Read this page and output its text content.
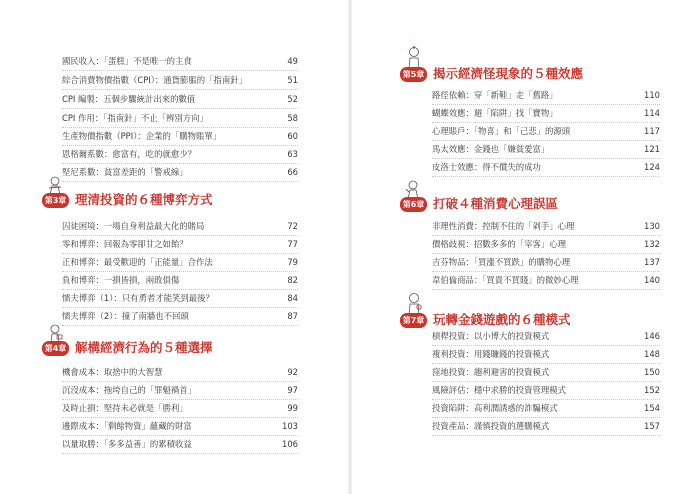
國民收入：「蛋糕」不是唯一的主食	49
綜合消費物價指數（CPI）：通貨膨脹的「指南針」	51
CPI 編製：五個步驟統計出來的數值	52
CPI 作用：「指南針」不止「辨別方向」	58
生產物價指數（PPI）：企業的「購物賬單」	60
恩格爾系數：愈富有，吃的就愈少？	63
堅尼系數：貧富差距的「警戒線」	66
第3章 理清投資的６種博弈方式
囚徒困境：一場自身利益最大化的賭局	72
零和博弈：回報為零卻甘之如飴？	77
正和博弈：最受歡迎的「正能量」合作法	79
負和博弈：一損皆損，兩敗俱傷	82
懦夫博弈（1）：只有勇者才能笑到最後？	84
懦夫博弈（2）：撞了南牆也不回頭	87
第4章 解構經濟行為的５種選擇
機會成本：取捨中的大智慧	92
沉沒成本：拖垮自己的「罪魁禍首」	97
及時止損：堅持未必就是「勝利」	99
邊際成本：「剩餘物資」蘊藏的財富	103
以量取勝：「多多益善」的累積收益	106
第5章 揭示經濟怪現象的５種效應
路徑依賴：穿「新鞋」走「舊路」	110
蝴蝶效應：避「陷阱」找「寶物」	114
心理賬戶：「物喜」和「己悲」的源頭	117
馬太效應：金錢也「嫌貧愛富」	121
皮洛士效應：得不償失的成功	124
第6章 打破４種消費心理誤區
非理性消費：控制不住的「剁手」心理	130
價格歧視：招數多多的「宰客」心理	132
吉芬物品：「買漲不買跌」的購物心理	137
韋伯倫商品：「買貴不買賤」的微妙心理	140
第7章 玩轉金錢遊戲的６種模式
槓桿投資：以小博大的投資模式	146
複利投資：用錢賺錢的投資模式	148
窪地投資：趨利避害的投資模式	150
風險評估：穩中求勝的投資管理模式	152
投資陷阱：高利潤誘惑的詐騙模式	154
投資產品：謹慎投資的選購模式	157
